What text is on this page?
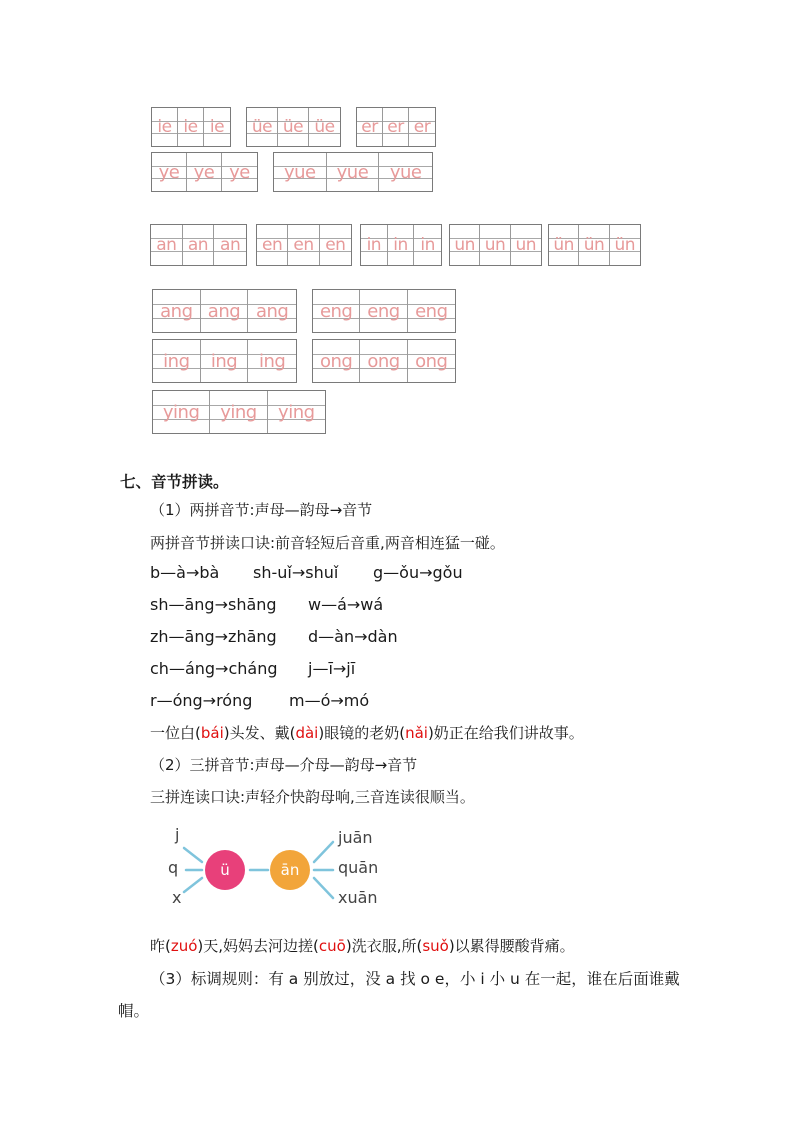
ie ie ie üe üe üe er er er
ye ye ye yue yue yue
an an an en en en in in in un un un ün ün ün
ang ang ang eng eng eng
ing ing ing ong ong ong
ying ying ying
七、音节拼读。
（1）两拼音节:声母—韵母→音节
两拼音节拼读口诀:前音轻短后音重,两音相连猛一碰。
b—à→bà sh-uǐ→shuǐ g—ǒu→gǒu
sh—āng→shāng w—á→wá
zh—āng→zhāng d—àn→dàn
ch—áng→cháng j—ī→jī
r—óng→róng m—ó→mó
一位白(bái)头发、戴(dài)眼镜的老奶(nǎi)奶正在给我们讲故事。
（2）三拼音节:声母—介母—韵母→音节
三拼连读口诀:声轻介快韵母响,三音连读很顺当。
j
q
x
ü	ān
juān
quān
xuān
昨(zuó)天,妈妈去河边搓(cuō)洗衣服,所(suǒ)以累得腰酸背痛。
（3）标调规则：有 a 别放过，没 a 找 o e，小 i 小 u 在一起，谁在后面谁戴
帽。
